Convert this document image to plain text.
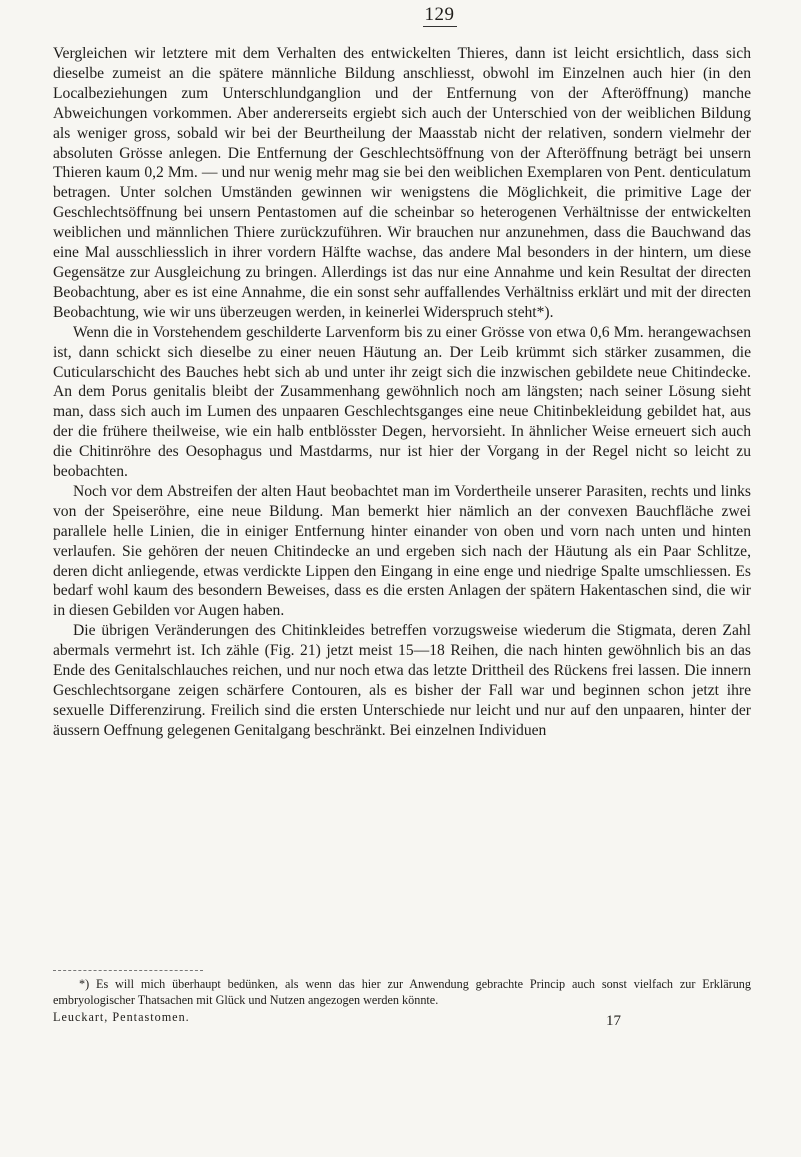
129

Vergleichen wir letztere mit dem Verhalten des entwickelten Thieres, dann ist leicht ersichtlich, dass sich dieselbe zumeist an die spätere männliche Bildung anschliesst, obwohl im Einzelnen auch hier (in den Localbeziehungen zum Unterschlundganglion und der Entfernung von der Afteröffnung) manche Abweichungen vorkommen. Aber andererseits ergiebt sich auch der Unterschied von der weiblichen Bildung als weniger gross, sobald wir bei der Beurtheilung der Maasstab nicht der relativen, sondern vielmehr der absoluten Grösse anlegen. Die Entfernung der Geschlechtsöffnung von der Afteröffnung beträgt bei unsern Thieren kaum 0,2 Mm. — und nur wenig mehr mag sie bei den weiblichen Exemplaren von Pent. denticulatum betragen. Unter solchen Umständen gewinnen wir wenigstens die Möglichkeit, die primitive Lage der Geschlechtsöffnung bei unsern Pentastomen auf die scheinbar so heterogenen Verhältnisse der entwickelten weiblichen und männlichen Thiere zurückzuführen. Wir brauchen nur anzunehmen, dass die Bauchwand das eine Mal ausschliesslich in ihrer vordern Hälfte wachse, das andere Mal besonders in der hintern, um diese Gegensätze zur Ausgleichung zu bringen. Allerdings ist das nur eine Annahme und kein Resultat der directen Beobachtung, aber es ist eine Annahme, die ein sonst sehr auffallendes Verhältniss erklärt und mit der directen Beobachtung, wie wir uns überzeugen werden, in keinerlei Widerspruch steht*).

Wenn die in Vorstehendem geschilderte Larvenform bis zu einer Grösse von etwa 0,6 Mm. herangewachsen ist, dann schickt sich dieselbe zu einer neuen Häutung an. Der Leib krümmt sich stärker zusammen, die Cuticularschicht des Bauches hebt sich ab und unter ihr zeigt sich die inzwischen gebildete neue Chitindecke. An dem Porus genitalis bleibt der Zusammenhang gewöhnlich noch am längsten; nach seiner Lösung sieht man, dass sich auch im Lumen des unpaaren Geschlechtsganges eine neue Chitinbekleidung gebildet hat, aus der die frühere theilweise, wie ein halb entblösster Degen, hervorsieht. In ähnlicher Weise erneuert sich auch die Chitinröhre des Oesophagus und Mastdarms, nur ist hier der Vorgang in der Regel nicht so leicht zu beobachten.

Noch vor dem Abstreifen der alten Haut beobachtet man im Vordertheile unserer Parasiten, rechts und links von der Speiseröhre, eine neue Bildung. Man bemerkt hier nämlich an der convexen Bauchfläche zwei parallele helle Linien, die in einiger Entfernung hinter einander von oben und vorn nach unten und hinten verlaufen. Sie gehören der neuen Chitindecke an und ergeben sich nach der Häutung als ein Paar Schlitze, deren dicht anliegende, etwas verdickte Lippen den Eingang in eine enge und niedrige Spalte umschliessen. Es bedarf wohl kaum des besondern Beweises, dass es die ersten Anlagen der spätern Hakentaschen sind, die wir in diesen Gebilden vor Augen haben.

Die übrigen Veränderungen des Chitinkleides betreffen vorzugsweise wiederum die Stigmata, deren Zahl abermals vermehrt ist. Ich zähle (Fig. 21) jetzt meist 15—18 Reihen, die nach hinten gewöhnlich bis an das Ende des Genitalschlauches reichen, und nur noch etwa das letzte Drittheil des Rückens frei lassen. Die innern Geschlechtsorgane zeigen schärfere Contouren, als es bisher der Fall war und beginnen schon jetzt ihre sexuelle Differenzirung. Freilich sind die ersten Unterschiede nur leicht und nur auf den unpaaren, hinter der äussern Oeffnung gelegenen Genitalgang beschränkt. Bei einzelnen Individuen

*) Es will mich überhaupt bedünken, als wenn das hier zur Anwendung gebrachte Princip auch sonst vielfach zur Erklärung embryologischer Thatsachen mit Glück und Nutzen angezogen werden könnte.

Leuckart, Pentastomen.	17
